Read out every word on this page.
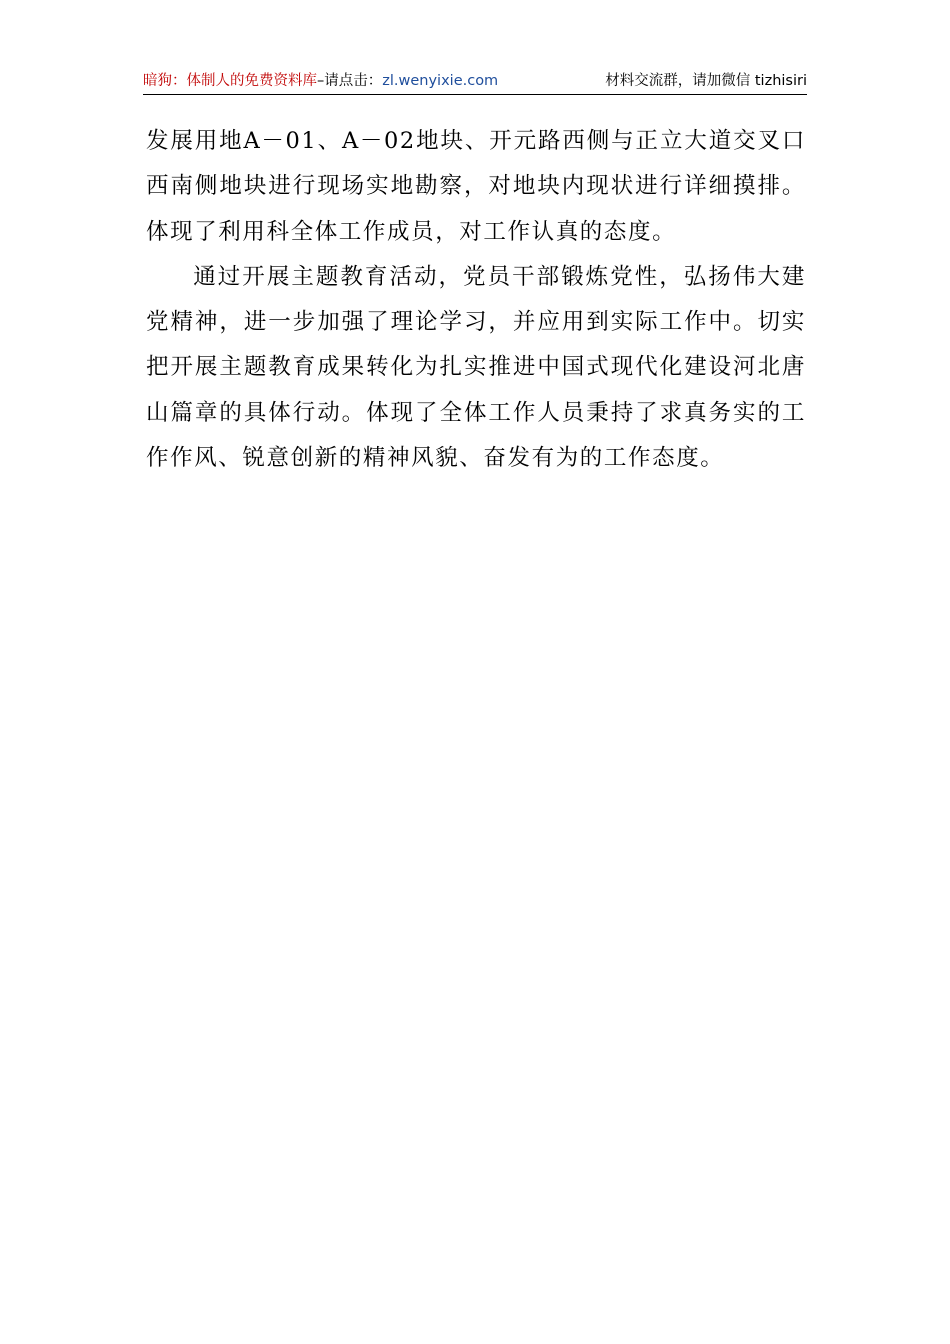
暗狗：体制人的免费资料库 –请点击： zl.wenyixie.com	材料交流群，请加微信 tizhisiri

发展用地A－01、A－02地块、开元路西侧与正立大道交叉口西南侧地块进行现场实地勘察，对地块内现状进行详细摸排。体现了利用科全体工作成员，对工作认真的态度。

通过开展主题教育活动，党员干部锻炼党性，弘扬伟大建党精神，进一步加强了理论学习，并应用到实际工作中。切实把开展主题教育成果转化为扎实推进中国式现代化建设河北唐山篇章的具体行动。体现了全体工作人员秉持了求真务实的工作作风、锐意创新的精神风貌、奋发有为的工作态度。
